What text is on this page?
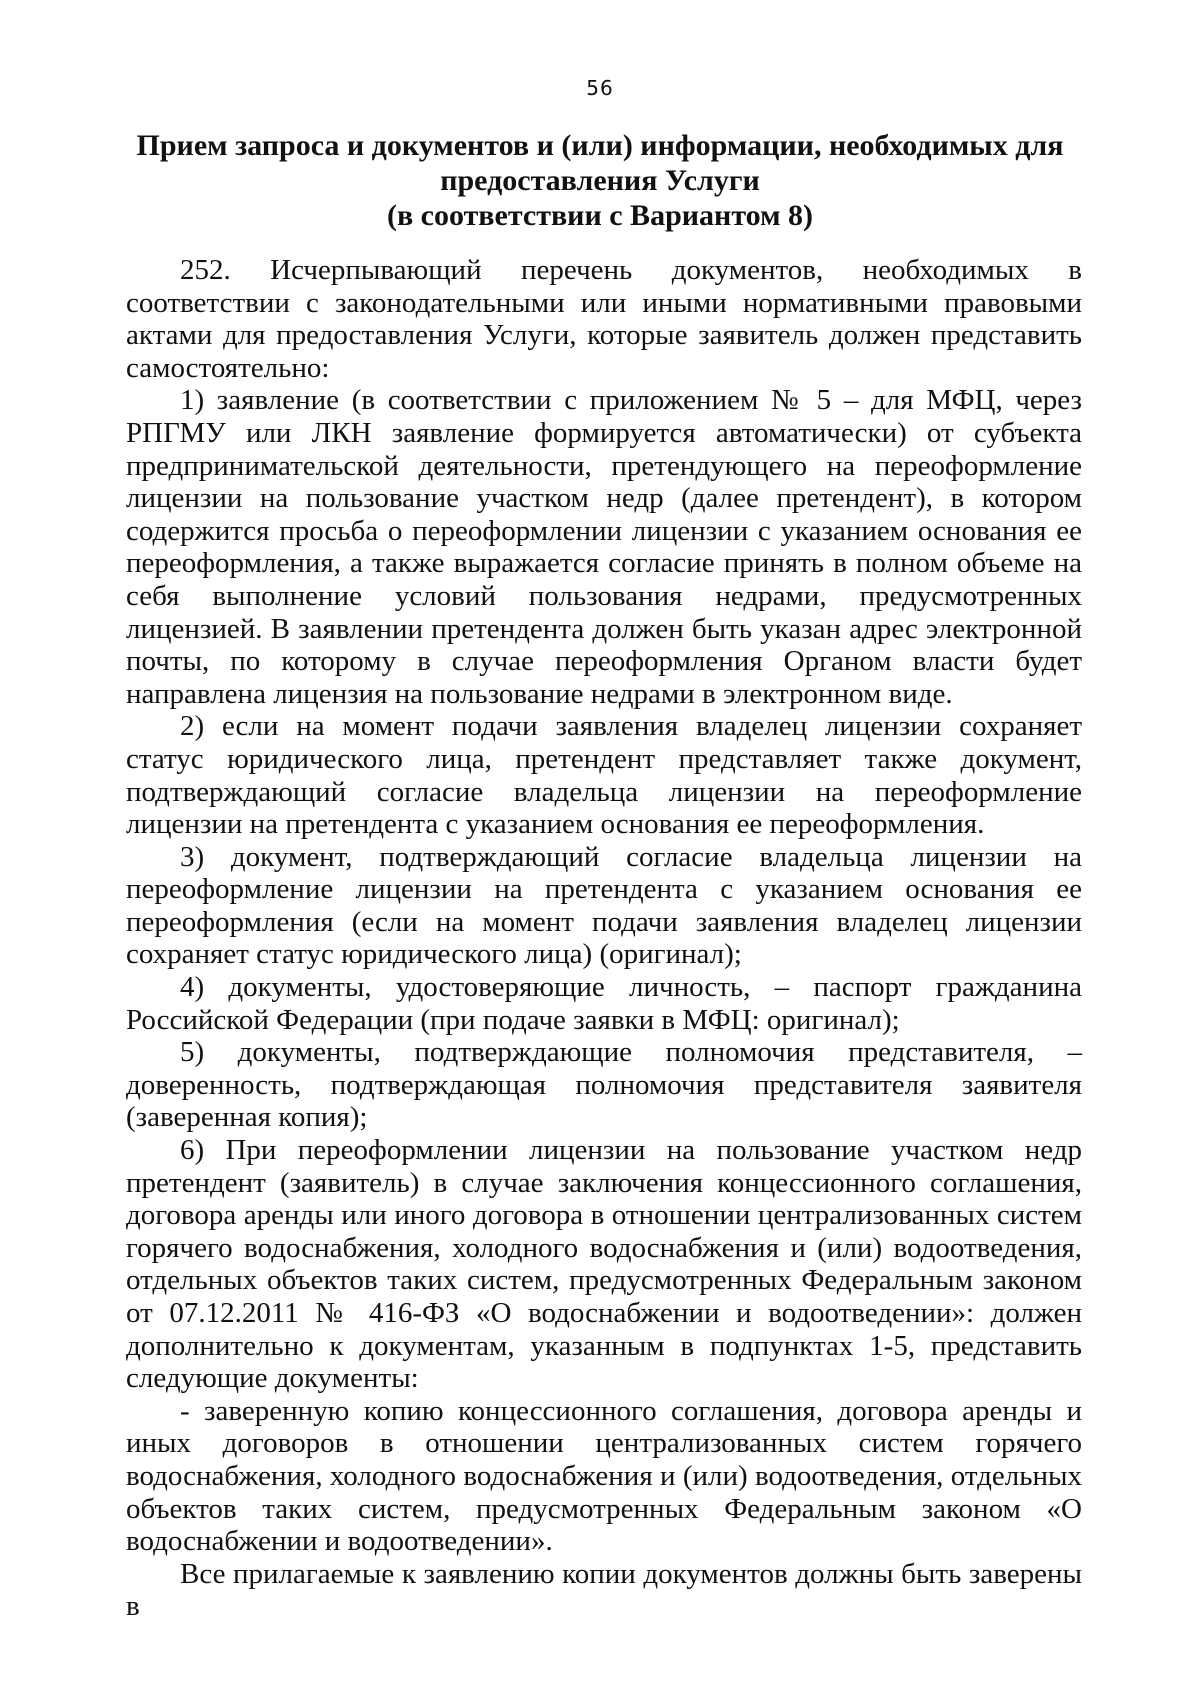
56
Прием запроса и документов и (или) информации, необходимых для
предоставления Услуги
(в соответствии с Вариантом 8)

252. Исчерпывающий перечень документов, необходимых в соответствии с законодательными или иными нормативными правовыми актами для предоставления Услуги, которые заявитель должен представить самостоятельно:

1) заявление (в соответствии с приложением № 5 – для МФЦ, через РПГМУ или ЛКН заявление формируется автоматически) от субъекта предпринимательской деятельности, претендующего на переоформление лицензии на пользование участком недр (далее претендент), в котором содержится просьба о переоформлении лицензии с указанием основания ее переоформления, а также выражается согласие принять в полном объеме на себя выполнение условий пользования недрами, предусмотренных лицензией. В заявлении претендента должен быть указан адрес электронной почты, по которому в случае переоформления Органом власти будет направлена лицензия на пользование недрами в электронном виде.

2) если на момент подачи заявления владелец лицензии сохраняет статус юридического лица, претендент представляет также документ, подтверждающий согласие владельца лицензии на переоформление лицензии на претендента с указанием основания ее переоформления.

3) документ, подтверждающий согласие владельца лицензии на переоформление лицензии на претендента с указанием основания ее переоформления (если на момент подачи заявления владелец лицензии сохраняет статус юридического лица) (оригинал);

4) документы, удостоверяющие личность, – паспорт гражданина Российской Федерации (при подаче заявки в МФЦ: оригинал);

5) документы, подтверждающие полномочия представителя, – доверенность, подтверждающая полномочия представителя заявителя (заверенная копия);

6) При переоформлении лицензии на пользование участком недр претендент (заявитель) в случае заключения концессионного соглашения, договора аренды или иного договора в отношении централизованных систем горячего водоснабжения, холодного водоснабжения и (или) водоотведения, отдельных объектов таких систем, предусмотренных Федеральным законом от 07.12.2011 № 416-ФЗ «О водоснабжении и водоотведении»: должен дополнительно к документам, указанным в подпунктах 1-5, представить следующие документы:

- заверенную копию концессионного соглашения, договора аренды и иных договоров в отношении централизованных систем горячего водоснабжения, холодного водоснабжения и (или) водоотведения, отдельных объектов таких систем, предусмотренных Федеральным законом «О водоснабжении и водоотведении».

Все прилагаемые к заявлению копии документов должны быть заверены в
